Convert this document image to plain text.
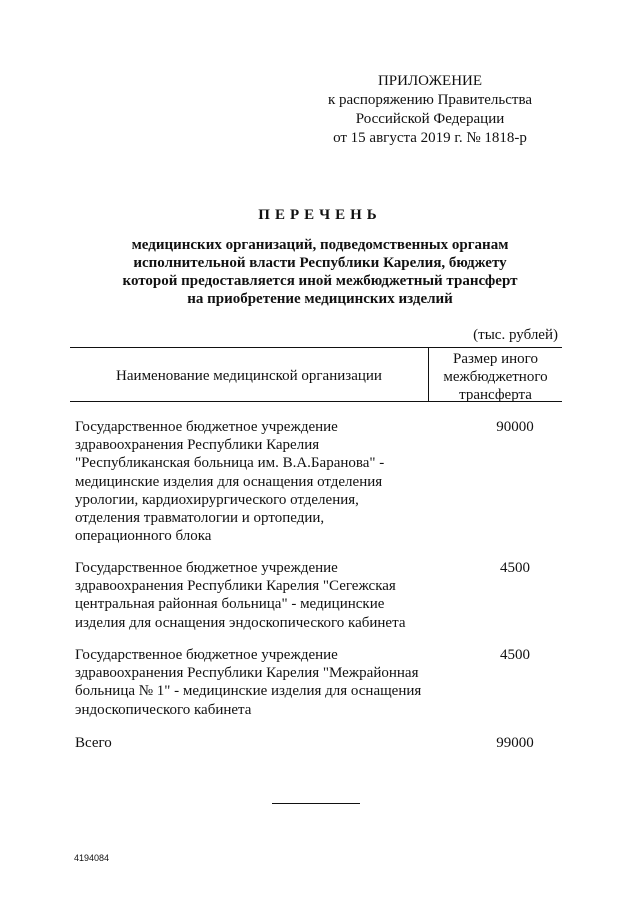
ПРИЛОЖЕНИЕ
к распоряжению Правительства
Российской Федерации
от 15 августа 2019 г. № 1818-р
ПЕРЕЧЕНЬ
медицинских организаций, подведомственных органам
исполнительной власти Республики Карелия, бюджету
которой предоставляется иной межбюджетный трансферт
на приобретение медицинских изделий
(тыс. рублей)
Наименование медицинской организации
Размер иного
межбюджетного
трансферта
Государственное бюджетное учреждение
здравоохранения Республики Карелия
"Республиканская больница им. В.А.Баранова" -
медицинские изделия для оснащения отделения
урологии, кардиохирургического отделения,
отделения травматологии и ортопедии,
операционного блока
90000
Государственное бюджетное учреждение
здравоохранения Республики Карелия "Сегежская
центральная районная больница" - медицинские
изделия для оснащения эндоскопического кабинета
4500
Государственное бюджетное учреждение
здравоохранения Республики Карелия "Межрайонная
больница № 1" - медицинские изделия для оснащения
эндоскопического кабинета
4500
Всего	99000
4194084
